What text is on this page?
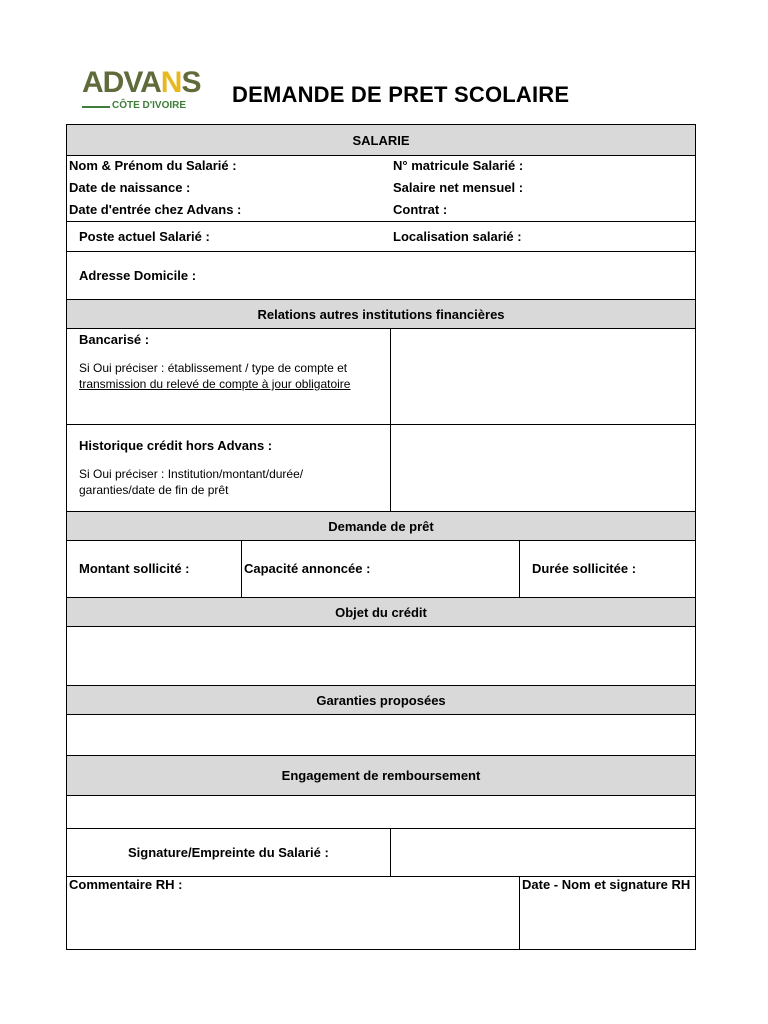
ADVANS
CÔTE D'IVOIRE DEMANDE DE PRET SCOLAIRE
SALARIE
Nom & Prénom du Salarié :	N° matricule Salarié :
Date de naissance :	Salaire net mensuel :
Date d'entrée chez Advans :	Contrat :
Poste actuel Salarié :	Localisation salarié :
Adresse Domicile :
Relations autres institutions financières
Bancarisé :
Si Oui préciser : établissement / type de compte et
transmission du relevé de compte à jour obligatoire
Historique crédit hors Advans :
Si Oui préciser : Institution/montant/durée/
garanties/date de fin de prêt
Demande de prêt
Montant sollicité :	Capacité annoncée :	Durée sollicitée :
Objet du crédit
Garanties proposées
Engagement de remboursement
Signature/Empreinte du Salarié :
Commentaire RH :	Date - Nom et signature RH
